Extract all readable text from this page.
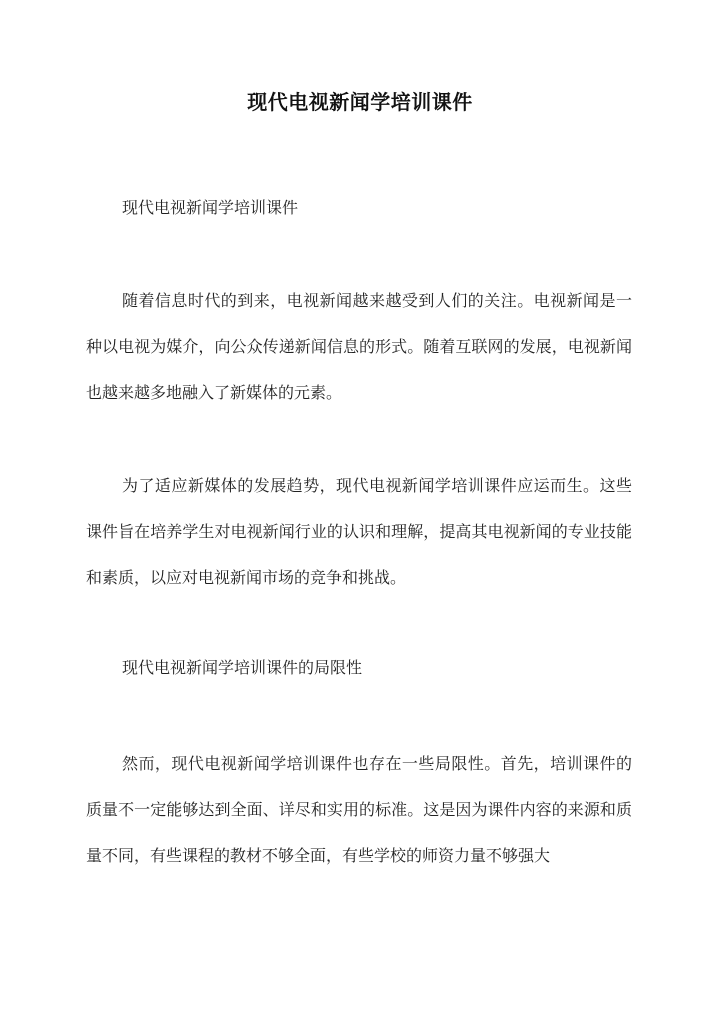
现代电视新闻学培训课件

现代电视新闻学培训课件

随着信息时代的到来，电视新闻越来越受到人们的关注。电视新闻是一种以电视为媒介，向公众传递新闻信息的形式。随着互联网的发展，电视新闻也越来越多地融入了新媒体的元素。

为了适应新媒体的发展趋势，现代电视新闻学培训课件应运而生。这些课件旨在培养学生对电视新闻行业的认识和理解，提高其电视新闻的专业技能和素质，以应对电视新闻市场的竞争和挑战。

现代电视新闻学培训课件的局限性

然而，现代电视新闻学培训课件也存在一些局限性。首先，培训课件的质量不一定能够达到全面、详尽和实用的标准。这是因为课件内容的来源和质量不同，有些课程的教材不够全面，有些学校的师资力量不够强大
